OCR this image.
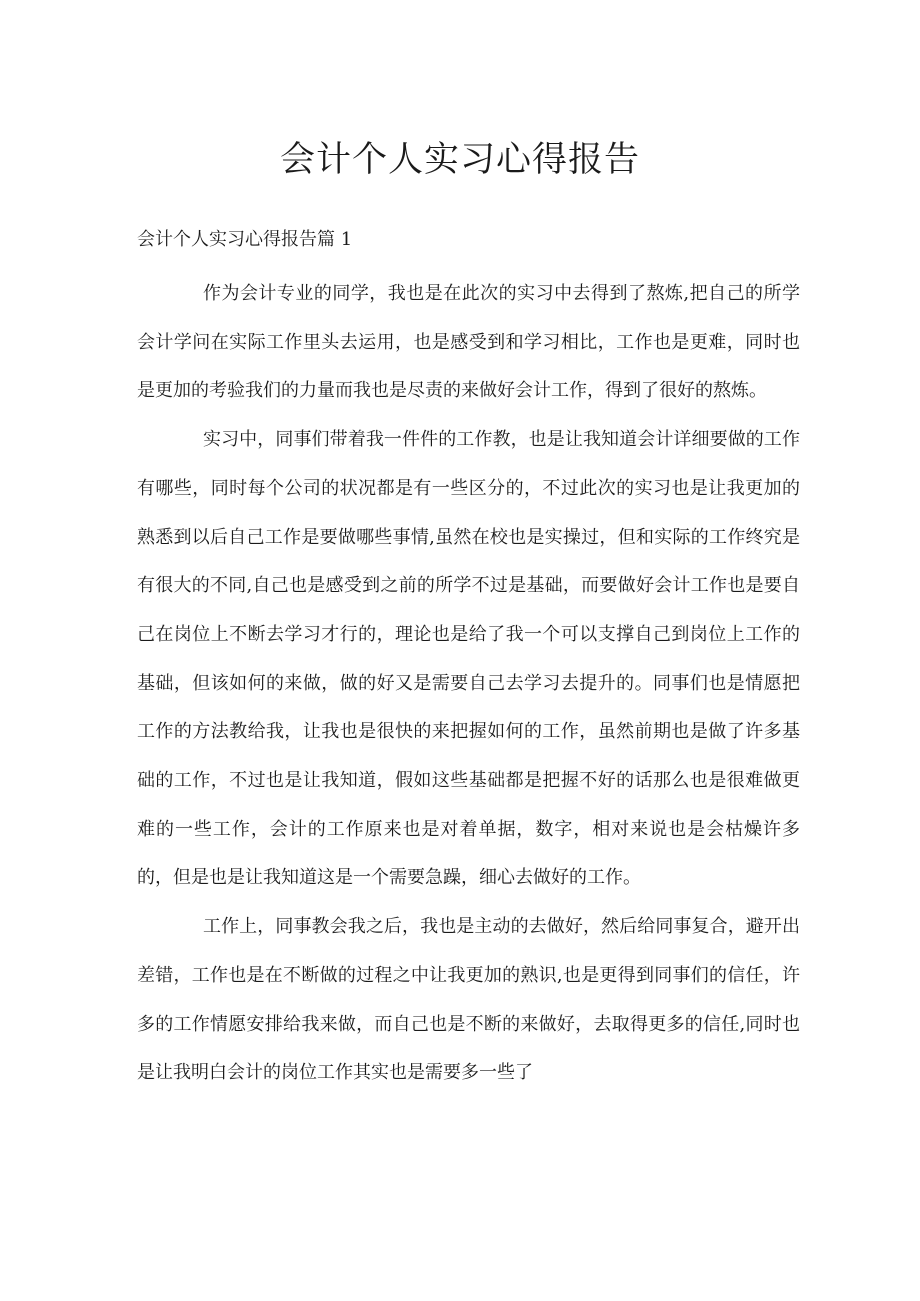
会计个人实习心得报告
会计个人实习心得报告篇 1

作为会计专业的同学，我也是在此次的实习中去得到了熬炼,把自己的所学会计学问在实际工作里头去运用，也是感受到和学习相比，工作也是更难，同时也是更加的考验我们的力量而我也是尽责的来做好会计工作，得到了很好的熬炼。

实习中，同事们带着我一件件的工作教，也是让我知道会计详细要做的工作有哪些，同时每个公司的状况都是有一些区分的，不过此次的实习也是让我更加的熟悉到以后自己工作是要做哪些事情,虽然在校也是实操过，但和实际的工作终究是有很大的不同,自己也是感受到之前的所学不过是基础，而要做好会计工作也是要自己在岗位上不断去学习才行的，理论也是给了我一个可以支撑自己到岗位上工作的基础，但该如何的来做，做的好又是需要自己去学习去提升的。同事们也是情愿把工作的方法教给我，让我也是很快的来把握如何的工作，虽然前期也是做了许多基础的工作，不过也是让我知道，假如这些基础都是把握不好的话那么也是很难做更难的一些工作，会计的工作原来也是对着单据，数字，相对来说也是会枯燥许多的，但是也是让我知道这是一个需要急躁，细心去做好的工作。

工作上，同事教会我之后，我也是主动的去做好，然后给同事复合，避开出差错，工作也是在不断做的过程之中让我更加的熟识,也是更得到同事们的信任，许多的工作情愿安排给我来做，而自己也是不断的来做好，去取得更多的信任,同时也是让我明白会计的岗位工作其实也是需要多一些了
